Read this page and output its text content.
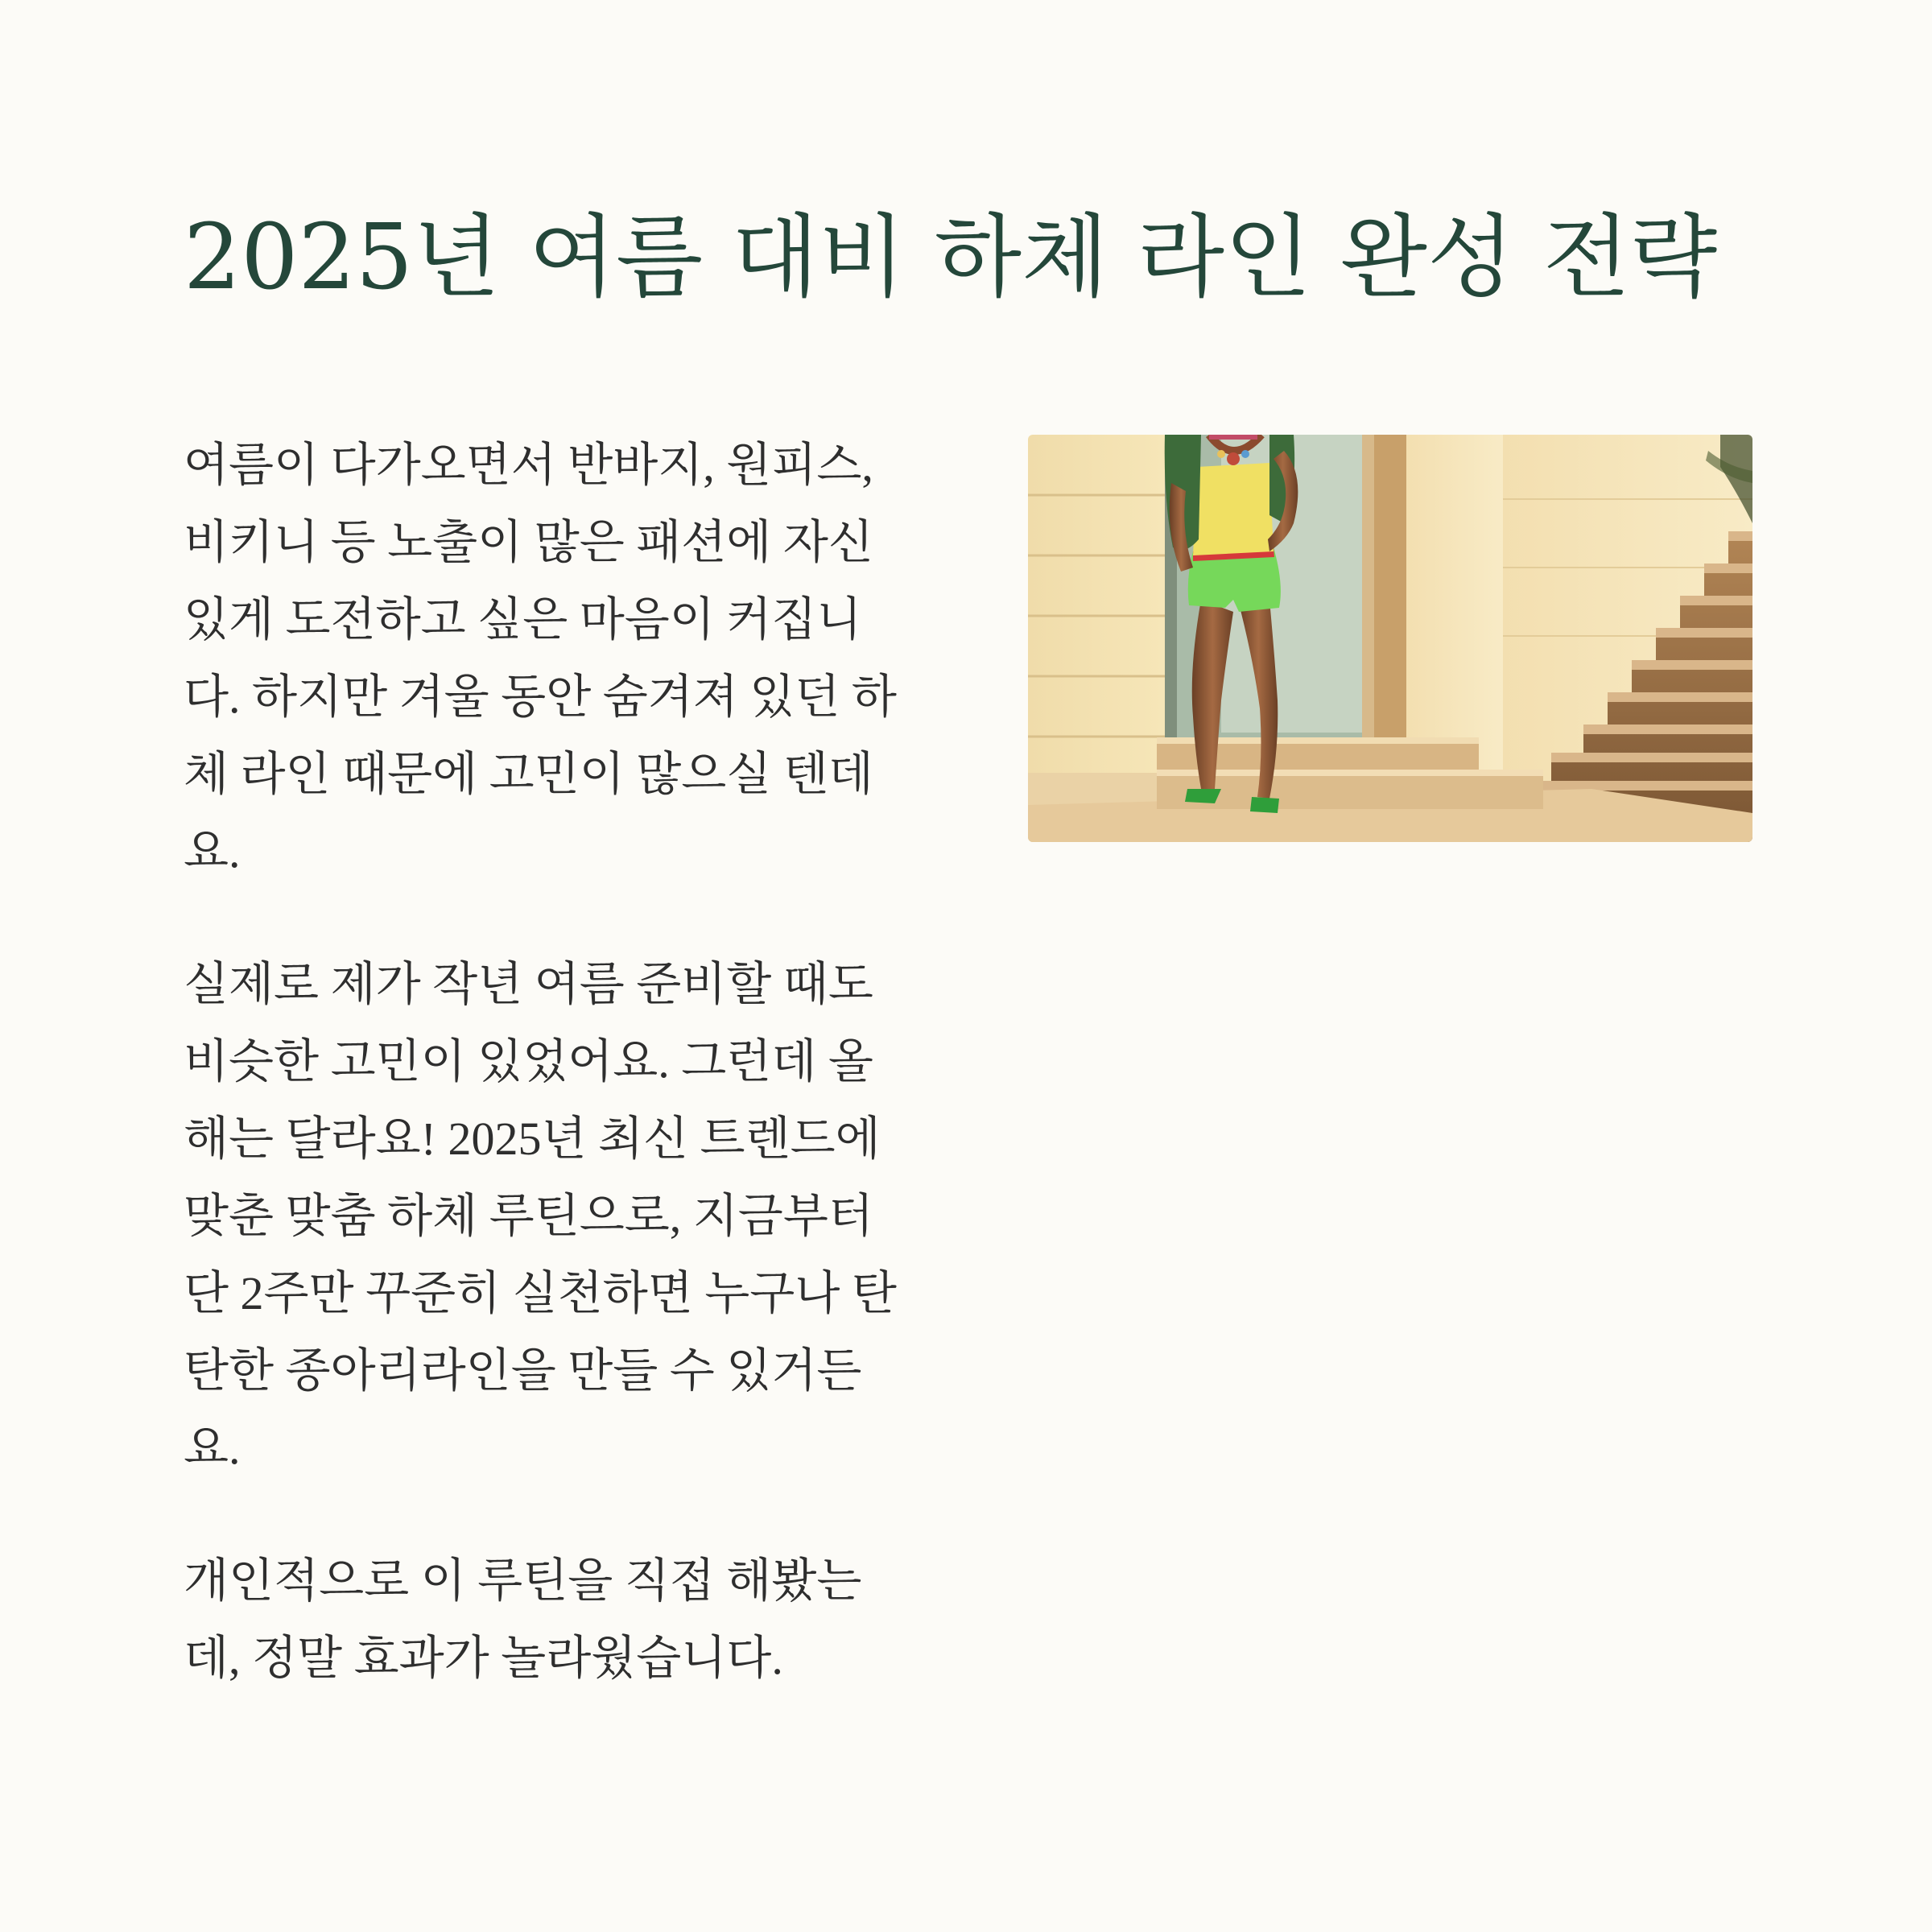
2025년 여름 대비 하체 라인 완성 전략

여름이 다가오면서 반바지, 원피스, 비키니 등 노출이 많은 패션에 자신 있게 도전하고 싶은 마음이 커집니다. 하지만 겨울 동안 숨겨져 있던 하체 라인 때문에 고민이 많으실 텐데요.

실제로 제가 작년 여름 준비할 때도 비슷한 고민이 있었어요. 그런데 올해는 달라요! 2025년 최신 트렌드에 맞춘 맞춤 하체 루틴으로, 지금부터 단 2주만 꾸준히 실천하면 누구나 탄탄한 종아리라인을 만들 수 있거든요.

개인적으로 이 루틴을 직접 해봤는데, 정말 효과가 놀라웠습니다.
